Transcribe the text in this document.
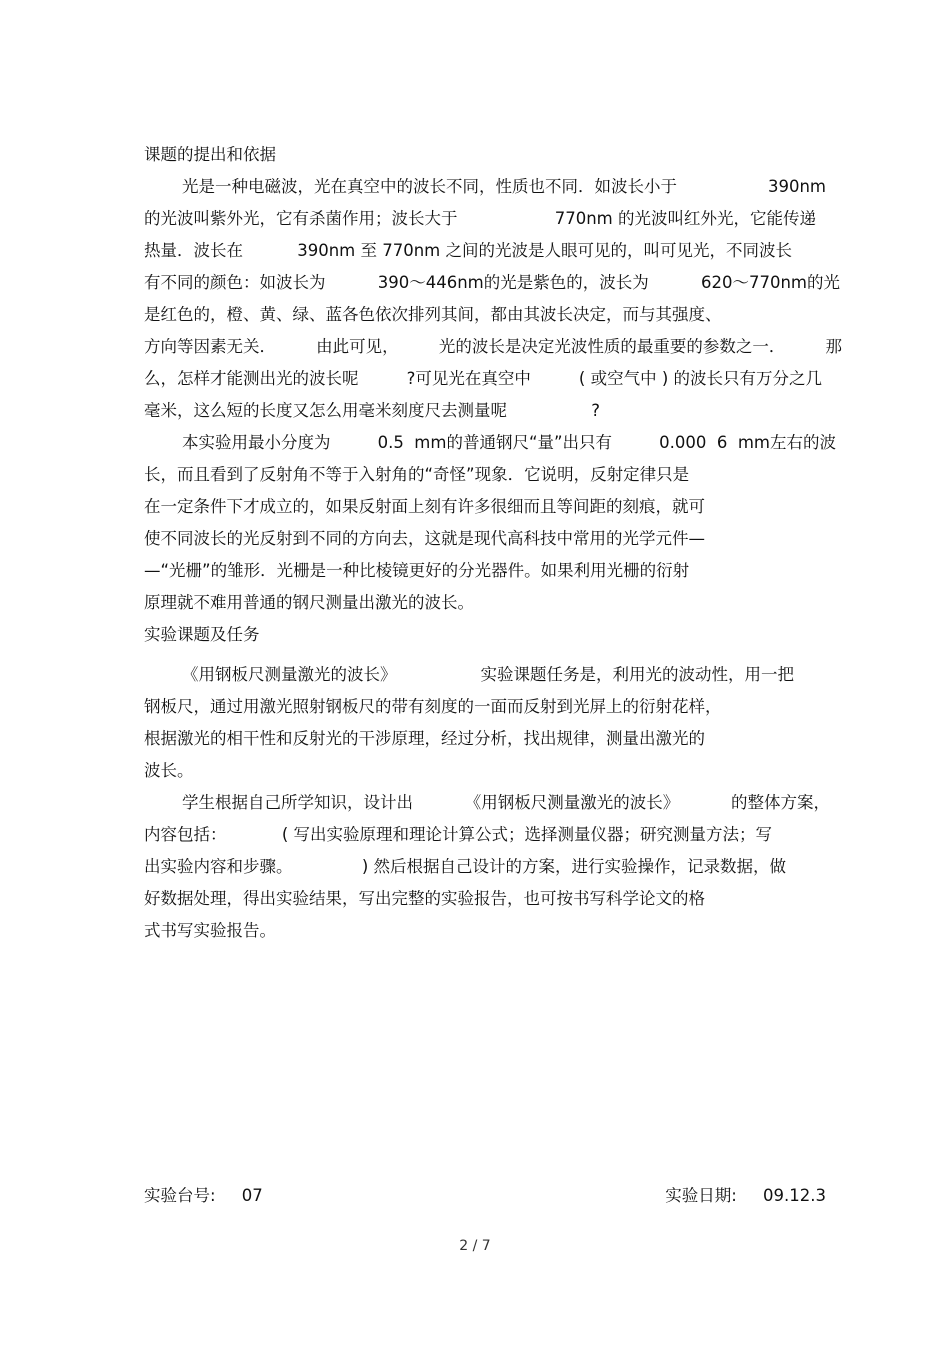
课题的提出和依据
光是一种电磁波，光在真空中的波长不同，性质也不同．如波长小于	390nm
的光波叫紫外光，它有杀菌作用；波长大于	770nm 的光波叫红外光，它能传递
热量．波长在	390nm 至 770nm 之间的光波是人眼可见的，叫可见光，不同波长
有不同的颜色：如波长为	390～446nm的光是紫色的，波长为	620～770nm的光
是红色的，橙、黄、绿、蓝各色依次排列其间，都由其波长决定，而与其强度、
方向等因素无关． 由此可见， 光的波长是决定光波性质的最重要的参数之一． 那
么，怎样才能测出光的波长呢	?可见光在真空中	( 或空气中 ) 的波长只有万分之几
毫米，这么短的长度又怎么用毫米刻度尺去测量呢	?
本实验用最小分度为	0.5  mm的普通钢尺“量”出只有	0.000  6  mm左右的波
长，而且看到了反射角不等于入射角的“奇怪”现象．它说明，反射定律只是
在一定条件下才成立的，如果反射面上刻有许多很细而且等间距的刻痕，就可
使不同波长的光反射到不同的方向去，这就是现代高科技中常用的光学元件—
—“光栅”的雏形．光栅是一种比棱镜更好的分光器件。如果利用光栅的衍射
原理就不难用普通的钢尺测量出激光的波长。
实验课题及任务
《用钢板尺测量激光的波长》	实验课题任务是，利用光的波动性，用一把
钢板尺，通过用激光照射钢板尺的带有刻度的一面而反射到光屏上的衍射花样，
根据激光的相干性和反射光的干涉原理，经过分析，找出规律，测量出激光的
波长。
学生根据自己所学知识，设计出	《用钢板尺测量激光的波长》	的整体方案，
内容包括：	( 写出实验原理和理论计算公式；选择测量仪器；研究测量方法；写
出实验内容和步骤。	) 然后根据自己设计的方案，进行实验操作，记录数据，做
好数据处理，得出实验结果，写出完整的实验报告，也可按书写科学论文的格
式书写实验报告。
实验台号: 07	实验日期: 09.12.3
2 / 7
